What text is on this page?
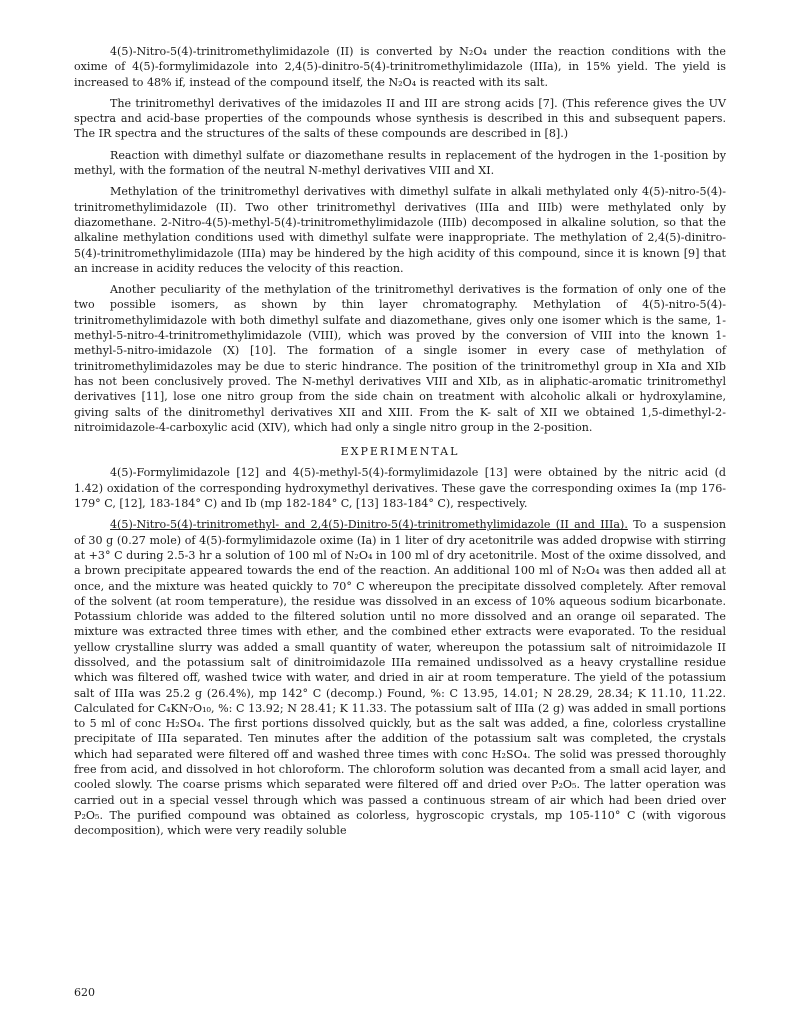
4(5)-Nitro-5(4)-trinitromethylimidazole (II) is converted by N₂O₄ under the reaction conditions with the oxime of 4(5)-formylimidazole into 2,4(5)-dinitro-5(4)-trinitromethylimidazole (IIIa), in 15% yield. The yield is increased to 48% if, instead of the compound itself, the N₂O₄ is reacted with its salt.

The trinitromethyl derivatives of the imidazoles II and III are strong acids [7]. (This reference gives the UV spectra and acid-base properties of the compounds whose synthesis is described in this and subsequent papers. The IR spectra and the structures of the salts of these compounds are described in [8].)

Reaction with dimethyl sulfate or diazomethane results in replacement of the hydrogen in the 1-position by methyl, with the formation of the neutral N-methyl derivatives VIII and XI.

Methylation of the trinitromethyl derivatives with dimethyl sulfate in alkali methylated only 4(5)-nitro-5(4)-trinitromethylimidazole (II). Two other trinitromethyl derivatives (IIIa and IIIb) were methylated only by diazomethane. 2-Nitro-4(5)-methyl-5(4)-trinitromethylimidazole (IIIb) decomposed in alkaline solution, so that the alkaline methylation conditions used with dimethyl sulfate were inappropriate. The methylation of 2,4(5)-dinitro-5(4)-trinitromethylimidazole (IIIa) may be hindered by the high acidity of this compound, since it is known [9] that an increase in acidity reduces the velocity of this reaction.

Another peculiarity of the methylation of the trinitromethyl derivatives is the formation of only one of the two possible isomers, as shown by thin layer chromatography. Methylation of 4(5)-nitro-5(4)-trinitromethylimidazole with both dimethyl sulfate and diazomethane, gives only one isomer which is the same, 1-methyl-5-nitro-4-trinitromethylimidazole (VIII), which was proved by the conversion of VIII into the known 1-methyl-5-nitro-imidazole (X) [10]. The formation of a single isomer in every case of methylation of trinitromethylimidazoles may be due to steric hindrance. The position of the trinitromethyl group in XIa and XIb has not been conclusively proved. The N-methyl derivatives VIII and XIb, as in aliphatic-aromatic trinitromethyl derivatives [11], lose one nitro group from the side chain on treatment with alcoholic alkali or hydroxylamine, giving salts of the dinitromethyl derivatives XII and XIII. From the K- salt of XII we obtained 1,5-dimethyl-2-nitroimidazole-4-carboxylic acid (XIV), which had only a single nitro group in the 2-position.

EXPERIMENTAL

4(5)-Formylimidazole [12] and 4(5)-methyl-5(4)-formylimidazole [13] were obtained by the nitric acid (d 1.42) oxidation of the corresponding hydroxymethyl derivatives. These gave the corresponding oximes Ia (mp 176-179° C, [12], 183-184° C) and Ib (mp 182-184° C, [13] 183-184° C), respectively.

4(5)-Nitro-5(4)-trinitromethyl- and 2,4(5)-Dinitro-5(4)-trinitromethylimidazole (II and IIIa). To a suspension of 30 g (0.27 mole) of 4(5)-formylimidazole oxime (Ia) in 1 liter of dry acetonitrile was added dropwise with stirring at +3° C during 2.5-3 hr a solution of 100 ml of N₂O₄ in 100 ml of dry acetonitrile. Most of the oxime dissolved, and a brown precipitate appeared towards the end of the reaction. An additional 100 ml of N₂O₄ was then added all at once, and the mixture was heated quickly to 70° C whereupon the precipitate dissolved completely. After removal of the solvent (at room temperature), the residue was dissolved in an excess of 10% aqueous sodium bicarbonate. Potassium chloride was added to the filtered solution until no more dissolved and an orange oil separated. The mixture was extracted three times with ether, and the combined ether extracts were evaporated. To the residual yellow crystalline slurry was added a small quantity of water, whereupon the potassium salt of nitroimidazole II dissolved, and the potassium salt of dinitroimidazole IIIa remained undissolved as a heavy crystalline residue which was filtered off, washed twice with water, and dried in air at room temperature. The yield of the potassium salt of IIIa was 25.2 g (26.4%), mp 142° C (decomp.) Found, %: C 13.95, 14.01; N 28.29, 28.34; K 11.10, 11.22. Calculated for C₄KN₇O₁₀, %: C 13.92; N 28.41; K 11.33. The potassium salt of IIIa (2 g) was added in small portions to 5 ml of conc H₂SO₄. The first portions dissolved quickly, but as the salt was added, a fine, colorless crystalline precipitate of IIIa separated. Ten minutes after the addition of the potassium salt was completed, the crystals which had separated were filtered off and washed three times with conc H₂SO₄. The solid was pressed thoroughly free from acid, and dissolved in hot chloroform. The chloroform solution was decanted from a small acid layer, and cooled slowly. The coarse prisms which separated were filtered off and dried over P₂O₅. The latter operation was carried out in a special vessel through which was passed a continuous stream of air which had been dried over P₂O₅. The purified compound was obtained as colorless, hygroscopic crystals, mp 105-110° C (with vigorous decomposition), which were very readily soluble

620
